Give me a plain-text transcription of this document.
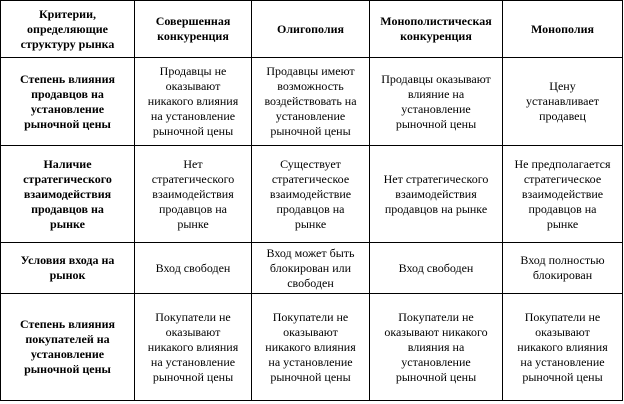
Критерии,
определяющие
структуру рынка	Совершенная
конкуренция	Олигополия	Монополистическая
конкуренция	Монополия

Степень влияния
продавцов на
установление
рыночной цены	Продавцы не
оказывают
никакого влияния
на установление
рыночной цены	Продавцы имеют
возможность
воздействовать на
установление
рыночной цены	Продавцы оказывают
влияние на
установление
рыночной цены	Цену
устанавливает
продавец

Наличие
стратегического
взаимодействия
продавцов на
рынке	Нет
стратегического
взаимодействия
продавцов на
рынке	Существует
стратегическое
взаимодействие
продавцов на
рынке	Нет стратегического
взаимодействия
продавцов на рынке	Не предполагается
стратегическое
взаимодействие
продавцов на
рынке

Условия входа на
рынок	Вход свободен	Вход может быть
блокирован или
свободен	Вход свободен	Вход полностью
блокирован

Степень влияния
покупателей на
установление
рыночной цены	Покупатели не
оказывают
никакого влияния
на установление
рыночной цены	Покупатели не
оказывают
никакого влияния
на установление
рыночной цены	Покупатели не
оказывают никакого
влияния на
установление
рыночной цены	Покупатели не
оказывают
никакого влияния
на установление
рыночной цены
